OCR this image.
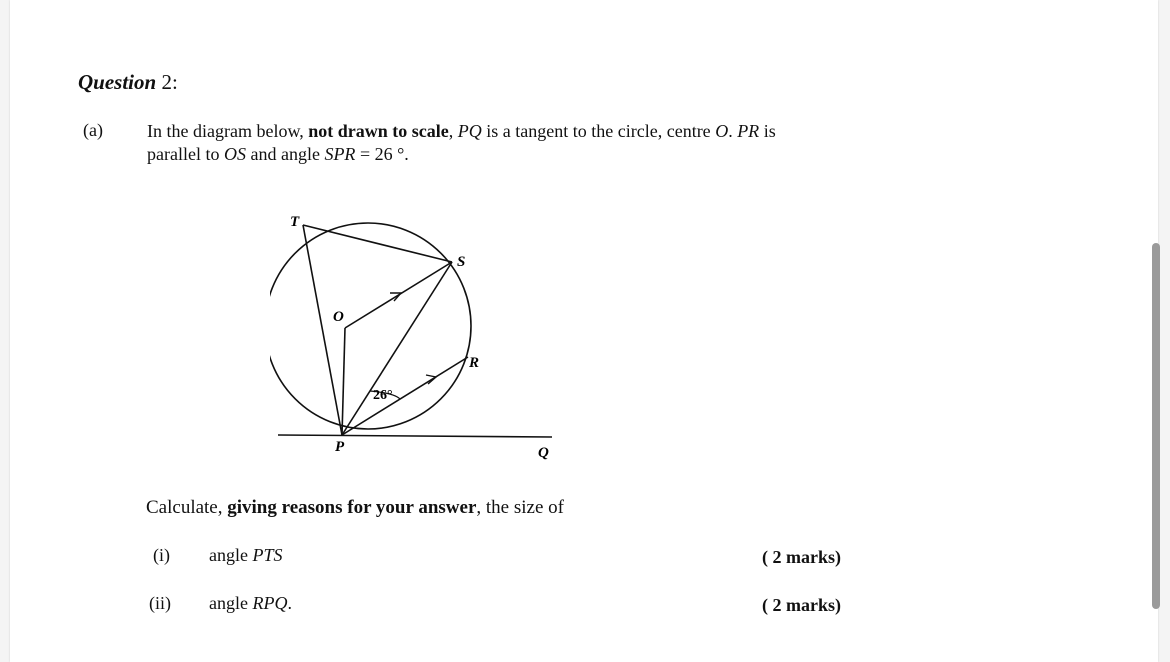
Question 2:
(a) In the diagram below, not drawn to scale, PQ is a tangent to the circle, centre O. PR is
parallel to OS and angle SPR = 26 °.
T
S
O
R
P	Q
26°
Calculate, giving reasons for your answer, the size of
(i) angle PTS	( 2 marks)
(ii) angle RPQ.	( 2 marks)
